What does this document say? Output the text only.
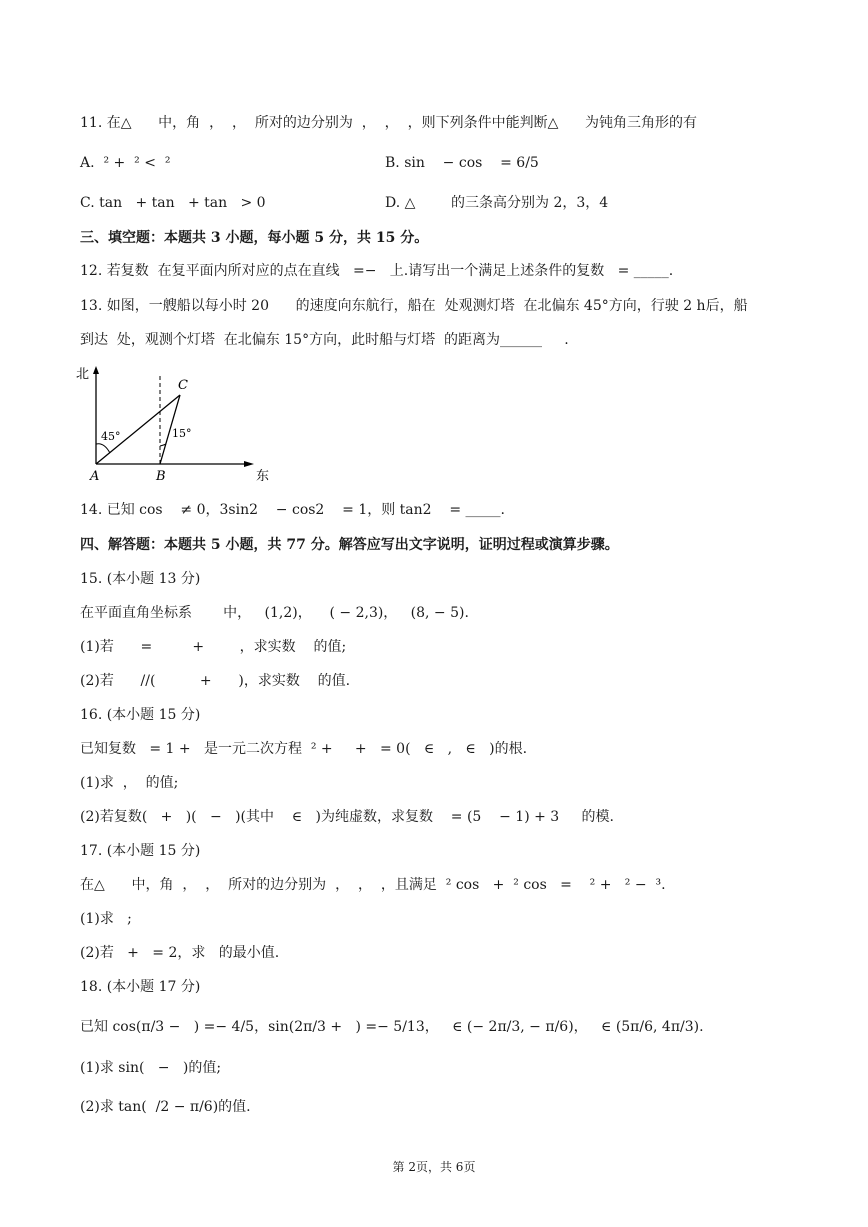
11. 在△      中，角  ，  ，  所对的边分别为  ，  ，  ，则下列条件中能判断△      为钝角三角形的有
A.  ² +  ² <  ²	B. sin    − cos    = 6/5
C. tan   + tan   + tan   > 0	D. △        的三条高分别为 2，3，4
三、填空题：本题共 3 小题，每小题 5 分，共 15 分。
12. 若复数  在复平面内所对应的点在直线   =−   上.请写出一个满足上述条件的复数   = _____.
13. 如图，一艘船以每小时 20      的速度向东航行，船在  处观测灯塔  在北偏东 45°方向，行驶 2 h后，船
到达  处，观测个灯塔  在北偏东 15°方向，此时船与灯塔  的距离为______     .
北
东
A	B
C
45°	15°
14. 已知 cos    ≠ 0，3sin2    − cos2    = 1，则 tan2    = _____.
四、解答题：本题共 5 小题，共 77 分。解答应写出文字说明，证明过程或演算步骤。
15. (本小题 13 分)
在平面直角坐标系       中，   (1,2)，    ( − 2,3)，   (8, − 5).
(1)若      =         +        ，求实数    的值;
(2)若      //(          +      )，求实数    的值.
16. (本小题 15 分)
已知复数   = 1 +   是一元二次方程  ² +     +   = 0(   ∈   ,   ∈   )的根.
(1)求  ，  的值;
(2)若复数(   +   )(   −   )(其中    ∈   )为纯虚数，求复数    = (5    − 1) + 3     的模.
17. (本小题 15 分)
在△      中，角  ，  ，  所对的边分别为  ，  ，  ，且满足  ² cos   +  ² cos   =    ² +   ² −  ³.
(1)求   ;
(2)若   +   = 2，求   的最小值.
18. (本小题 17 分)
已知 cos(π/3 −   ) =− 4/5，sin(2π/3 +   ) =− 5/13，   ∈ (− 2π/3, − π/6)，   ∈ (5π/6, 4π/3).
(1)求 sin(   −   )的值;
(2)求 tan(  /2 − π/6)的值.
第 2页，共 6页
